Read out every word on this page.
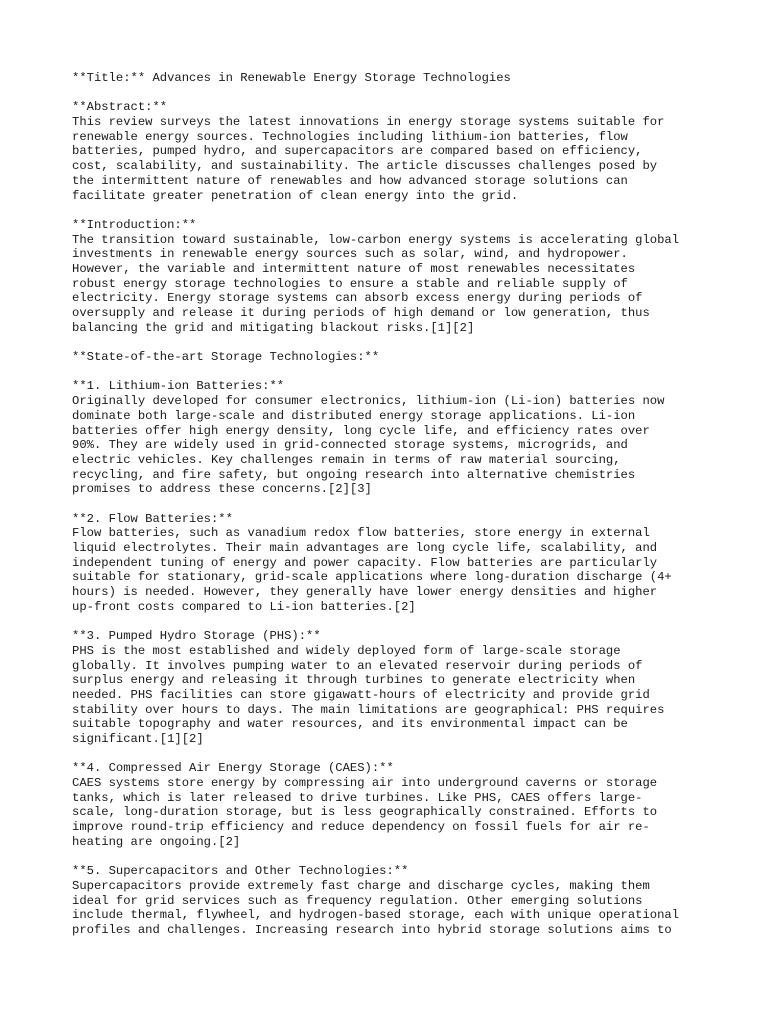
**Title:** Advances in Renewable Energy Storage Technologies
**Abstract:**
This review surveys the latest innovations in energy storage systems suitable for
renewable energy sources. Technologies including lithium-ion batteries, flow
batteries, pumped hydro, and supercapacitors are compared based on efficiency,
cost, scalability, and sustainability. The article discusses challenges posed by
the intermittent nature of renewables and how advanced storage solutions can
facilitate greater penetration of clean energy into the grid.
**Introduction:**
The transition toward sustainable, low-carbon energy systems is accelerating global
investments in renewable energy sources such as solar, wind, and hydropower.
However, the variable and intermittent nature of most renewables necessitates
robust energy storage technologies to ensure a stable and reliable supply of
electricity. Energy storage systems can absorb excess energy during periods of
oversupply and release it during periods of high demand or low generation, thus
balancing the grid and mitigating blackout risks.[1][2]
**State-of-the-art Storage Technologies:**
**1. Lithium-ion Batteries:**
Originally developed for consumer electronics, lithium-ion (Li-ion) batteries now
dominate both large-scale and distributed energy storage applications. Li-ion
batteries offer high energy density, long cycle life, and efficiency rates over
90%. They are widely used in grid-connected storage systems, microgrids, and
electric vehicles. Key challenges remain in terms of raw material sourcing,
recycling, and fire safety, but ongoing research into alternative chemistries
promises to address these concerns.[2][3]
**2. Flow Batteries:**
Flow batteries, such as vanadium redox flow batteries, store energy in external
liquid electrolytes. Their main advantages are long cycle life, scalability, and
independent tuning of energy and power capacity. Flow batteries are particularly
suitable for stationary, grid-scale applications where long-duration discharge (4+
hours) is needed. However, they generally have lower energy densities and higher
up-front costs compared to Li-ion batteries.[2]
**3. Pumped Hydro Storage (PHS):**
PHS is the most established and widely deployed form of large-scale storage
globally. It involves pumping water to an elevated reservoir during periods of
surplus energy and releasing it through turbines to generate electricity when
needed. PHS facilities can store gigawatt-hours of electricity and provide grid
stability over hours to days. The main limitations are geographical: PHS requires
suitable topography and water resources, and its environmental impact can be
significant.[1][2]
**4. Compressed Air Energy Storage (CAES):**
CAES systems store energy by compressing air into underground caverns or storage
tanks, which is later released to drive turbines. Like PHS, CAES offers large-
scale, long-duration storage, but is less geographically constrained. Efforts to
improve round-trip efficiency and reduce dependency on fossil fuels for air re-
heating are ongoing.[2]
**5. Supercapacitors and Other Technologies:**
Supercapacitors provide extremely fast charge and discharge cycles, making them
ideal for grid services such as frequency regulation. Other emerging solutions
include thermal, flywheel, and hydrogen-based storage, each with unique operational
profiles and challenges. Increasing research into hybrid storage solutions aims to
